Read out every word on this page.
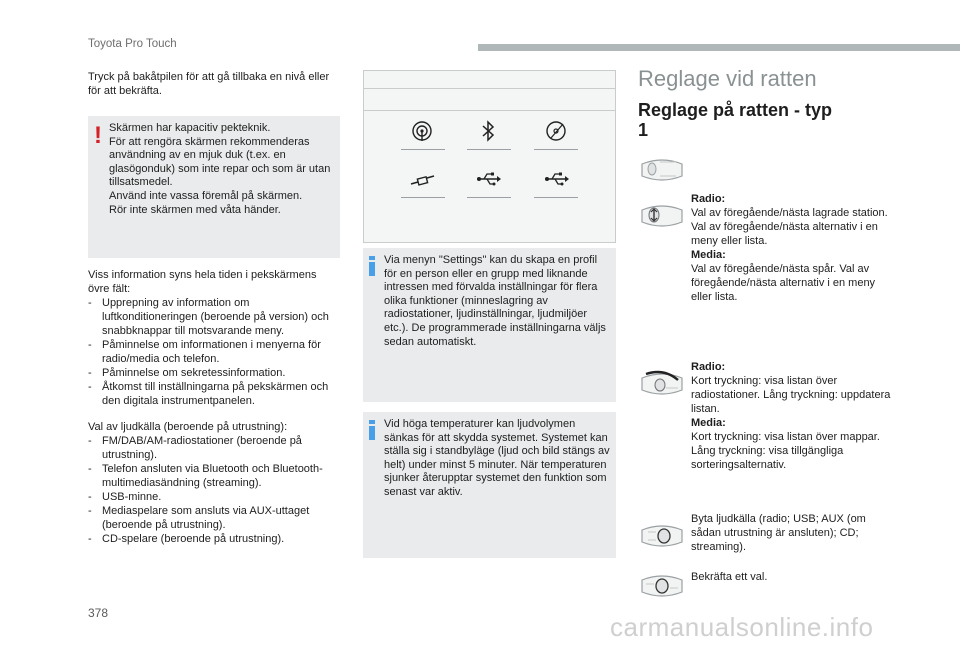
Toyota Pro Touch

Tryck på bakåtpilen för att gå tillbaka en nivå eller för att bekräfta.

! Skärmen har kapacitiv pekteknik.
För att rengöra skärmen rekommenderas användning av en mjuk duk (t.ex. en glasögonduk) som inte repar och som är utan tillsatsmedel.
Använd inte vassa föremål på skärmen.
Rör inte skärmen med våta händer.
Viss information syns hela tiden i pekskärmens övre fält:
- Upprepning av information om luftkonditioneringen (beroende på version) och snabbknappar till motsvarande meny.
- Påminnelse om informationen i menyerna för radio/media och telefon.
- Påminnelse om sekretessinformation.
- Åtkomst till inställningarna på pekskärmen och den digitala instrumentpanelen.
Val av ljudkälla (beroende på utrustning):
- FM/DAB/AM-radiostationer (beroende på utrustning).
- Telefon ansluten via Bluetooth och Bluetooth-multimediasändning (streaming).
- USB-minne.
- Mediaspelare som ansluts via AUX-uttaget (beroende på utrustning).
- CD-spelare (beroende på utrustning).

Via menyn "Settings" kan du skapa en profil för en person eller en grupp med liknande intressen med förvalda inställningar för flera olika funktioner (minneslagring av radiostationer, ljudinställningar, ljudmiljöer etc.). De programmerade inställningarna väljs sedan automatiskt.

Vid höga temperaturer kan ljudvolymen sänkas för att skydda systemet. Systemet kan ställa sig i standbyläge (ljud och bild stängs av helt) under minst 5 minuter. När temperaturen sjunker återupptar systemet den funktion som senast var aktiv.

Reglage vid ratten
Reglage på ratten - typ 1
Radio:
Val av föregående/nästa lagrade station. Val av föregående/nästa alternativ i en meny eller lista.
Media:
Val av föregående/nästa spår. Val av föregående/nästa alternativ i en meny eller lista.
Radio:
Kort tryckning: visa listan över radiostationer. Lång tryckning: uppdatera listan.
Media:
Kort tryckning: visa listan över mappar. Lång tryckning: visa tillgängliga sorteringsalternativ.

Byta ljudkälla (radio; USB; AUX (om sådan utrustning är ansluten); CD; streaming).

Bekräfta ett val.

378	carmanualsonline.info
